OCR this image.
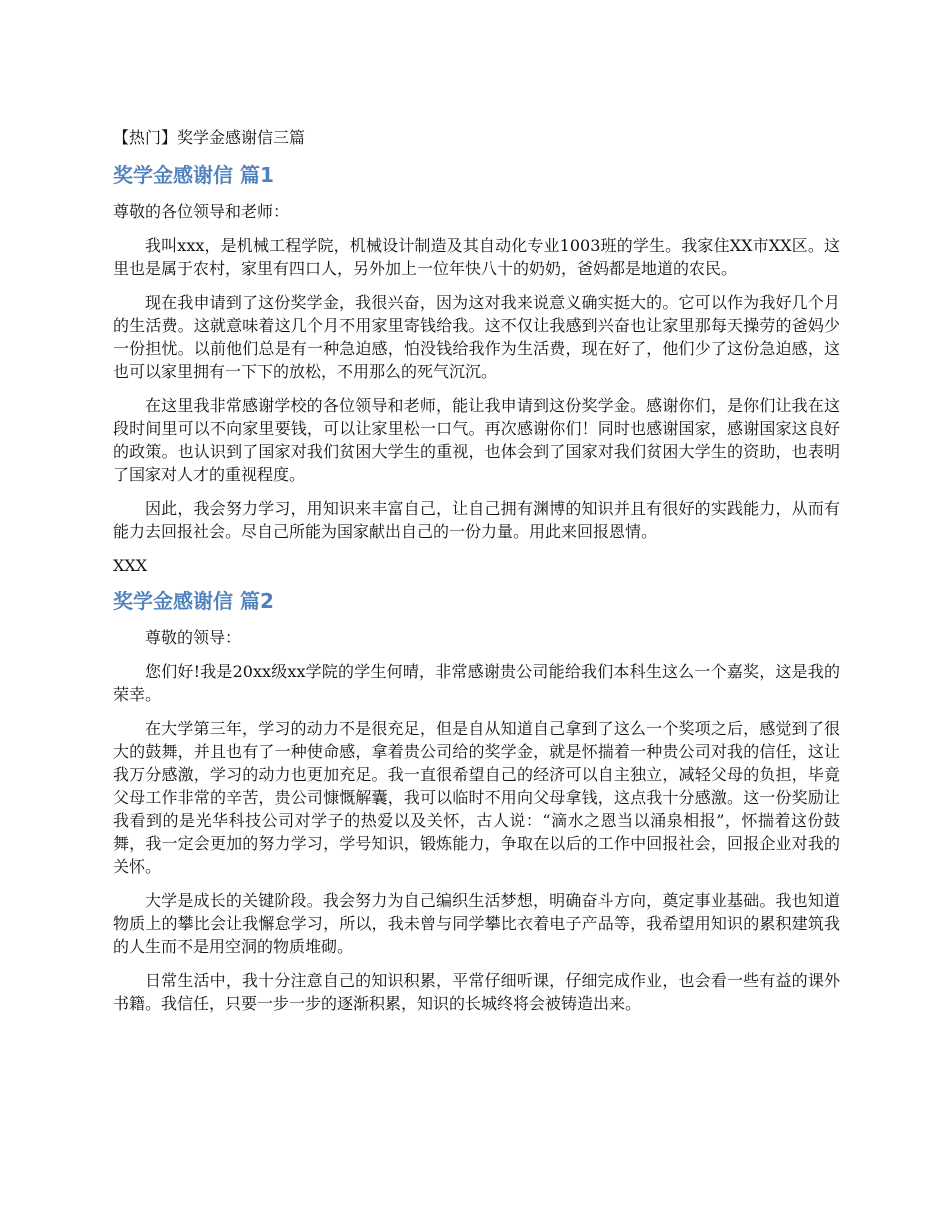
【热门】奖学金感谢信三篇
奖学金感谢信 篇1

尊敬的各位领导和老师：

我叫xxx，是机械工程学院，机械设计制造及其自动化专业1003班的学生。我家住XX市XX区。这里也是属于农村，家里有四口人，另外加上一位年快八十的奶奶，爸妈都是地道的农民。

现在我申请到了这份奖学金，我很兴奋，因为这对我来说意义确实挺大的。它可以作为我好几个月的生活费。这就意味着这几个月不用家里寄钱给我。这不仅让我感到兴奋也让家里那每天操劳的爸妈少一份担忧。以前他们总是有一种急迫感，怕没钱给我作为生活费，现在好了，他们少了这份急迫感，这也可以家里拥有一下下的放松，不用那么的死气沉沉。

在这里我非常感谢学校的各位领导和老师，能让我申请到这份奖学金。感谢你们，是你们让我在这段时间里可以不向家里要钱，可以让家里松一口气。再次感谢你们！同时也感谢国家，感谢国家这良好的政策。也认识到了国家对我们贫困大学生的重视，也体会到了国家对我们贫困大学生的资助，也表明了国家对人才的重视程度。

因此，我会努力学习，用知识来丰富自己，让自己拥有渊博的知识并且有很好的实践能力，从而有能力去回报社会。尽自己所能为国家献出自己的一份力量。用此来回报恩情。

XXX

奖学金感谢信 篇2

尊敬的领导：

您们好!我是20xx级xx学院的学生何晴，非常感谢贵公司能给我们本科生这么一个嘉奖，这是我的荣幸。

在大学第三年，学习的动力不是很充足，但是自从知道自己拿到了这么一个奖项之后，感觉到了很大的鼓舞，并且也有了一种使命感，拿着贵公司给的奖学金，就是怀揣着一种贵公司对我的信任，这让我万分感激，学习的动力也更加充足。我一直很希望自己的经济可以自主独立，减轻父母的负担，毕竟父母工作非常的辛苦，贵公司慷慨解囊，我可以临时不用向父母拿钱，这点我十分感激。这一份奖励让我看到的是光华科技公司对学子的热爱以及关怀，古人说：“滴水之恩当以涌泉相报”，怀揣着这份鼓舞，我一定会更加的努力学习，学号知识，锻炼能力，争取在以后的工作中回报社会，回报企业对我的关怀。

大学是成长的关键阶段。我会努力为自己编织生活梦想，明确奋斗方向，奠定事业基础。我也知道物质上的攀比会让我懈怠学习，所以，我未曾与同学攀比衣着电子产品等，我希望用知识的累积建筑我的人生而不是用空洞的物质堆砌。

日常生活中，我十分注意自己的知识积累，平常仔细听课，仔细完成作业，也会看一些有益的课外书籍。我信任，只要一步一步的逐渐积累，知识的长城终将会被铸造出来。
